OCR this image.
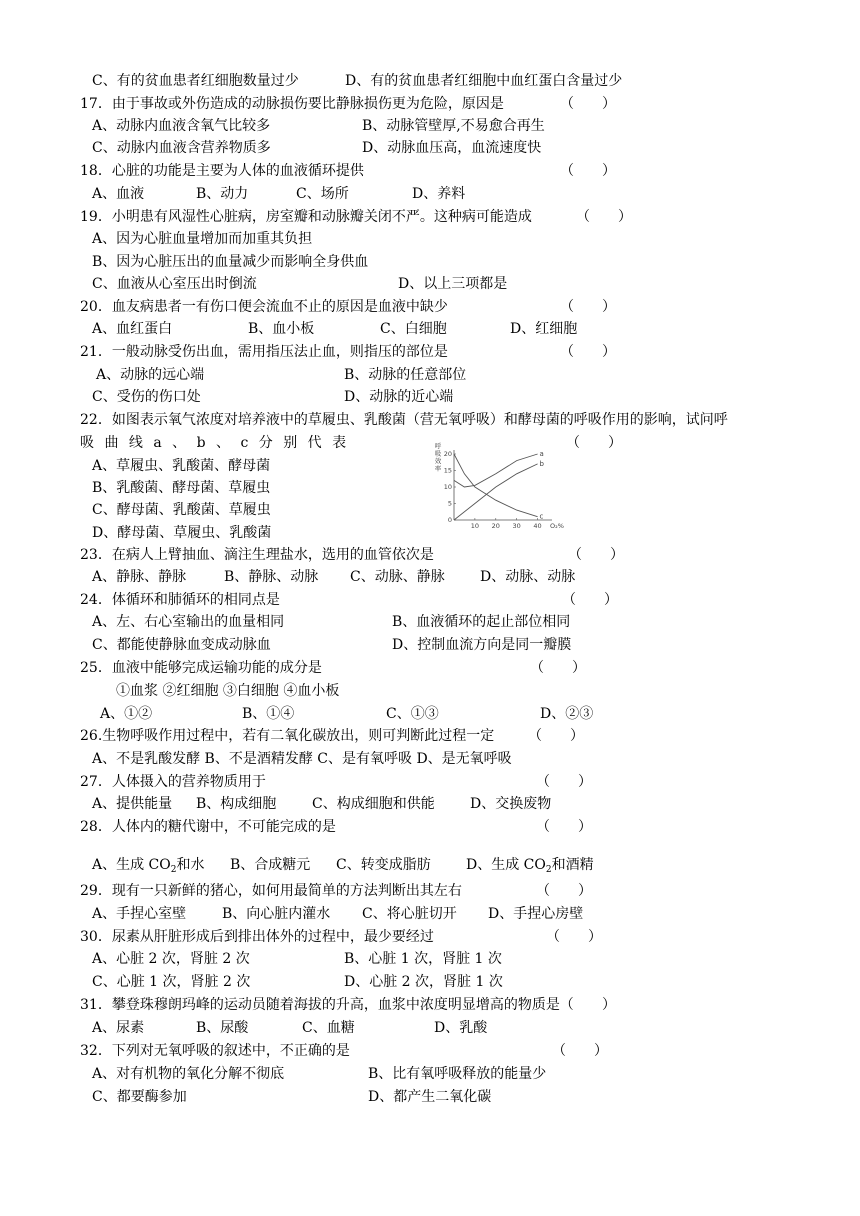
C、有的贫血患者红细胞数量过少	D、有的贫血患者红细胞中血红蛋白含量过少
17．由于事故或外伤造成的动脉损伤要比静脉损伤更为危险，原因是	（　　）
A、动脉内血液含氧气比较多	B、动脉管壁厚,不易愈合再生
C、动脉内血液含营养物质多	D、动脉血压高，血流速度快
18．心脏的功能是主要为人体的血液循环提供	（　　）
A、血液	B、动力	C、场所	D、养料
19．小明患有风湿性心脏病，房室瓣和动脉瓣关闭不严。这种病可能造成	（　　）
A、因为心脏血量增加而加重其负担
B、因为心脏压出的血量减少而影响全身供血
C、血液从心室压出时倒流	D、以上三项都是
20．血友病患者一有伤口便会流血不止的原因是血液中缺少	（　　）
A、血红蛋白	B、血小板	C、白细胞	D、红细胞
21．一般动脉受伤出血，需用指压法止血，则指压的部位是	（　　）
A、动脉的远心端	B、动脉的任意部位
C、受伤的伤口处	D、动脉的近心端
22．如图表示氧气浓度对培养液中的草履虫、乳酸菌（营无氧呼吸）和酵母菌的呼吸作用的影响，试问呼
吸 曲 线 a 、 b 、 c 分 别 代 表	（　　）
10 20 30 40
0
5
10
15
20
O₂%
呼
吸
效
率
a
b
c
A、草履虫、乳酸菌、酵母菌
B、乳酸菌、酵母菌、草履虫
C、酵母菌、乳酸菌、草履虫
D、酵母菌、草履虫、乳酸菌
23．在病人上臂抽血、滴注生理盐水，选用的血管依次是	（　　）
A、静脉、静脉	B、静脉、动脉 C、动脉、静脉	D、动脉、动脉
24．体循环和肺循环的相同点是	（　　）
A、左、右心室输出的血量相同	B、血液循环的起止部位相同
C、都能使静脉血变成动脉血	D、控制血流方向是同一瓣膜
25．血液中能够完成运输功能的成分是	（　　）
①血浆 ②红细胞 ③白细胞 ④血小板
A、①②	B、①④	C、①③	D、②③
26.生物呼吸作用过程中，若有二氧化碳放出，则可判断此过程一定 （　　）
A、不是乳酸发酵 B、不是酒精发酵 C、是有氧呼吸 D、是无氧呼吸
27．人体摄入的营养物质用于	（　　）
A、提供能量 B、构成细胞	C、构成细胞和供能	D、交换废物
28．人体内的糖代谢中，不可能完成的是	（　　）
A、生成 $CO_2$和水 B、合成糖元 C、转变成脂肪	D、生成 $CO_2$和酒精
29．现有一只新鲜的猪心，如何用最简单的方法判断出其左右	（　　）
A、手捏心室壁	B、向心脏内灌水 C、将心脏切开 D、手捏心房壁
30．尿素从肝脏形成后到排出体外的过程中，最少要经过	（　　）
A、心脏 2 次，肾脏 2 次	B、心脏 1 次，肾脏 1 次
C、心脏 1 次，肾脏 2 次	D、心脏 2 次，肾脏 1 次
31．攀登珠穆朗玛峰的运动员随着海拔的升高，血浆中浓度明显增高的物质是（ ）
A、尿素	B、尿酸	C、血糖	D、乳酸
32．下列对无氧呼吸的叙述中，不正确的是	（　　）
A、对有机物的氧化分解不彻底	B、比有氧呼吸释放的能量少
C、都要酶参加	D、都产生二氧化碳
